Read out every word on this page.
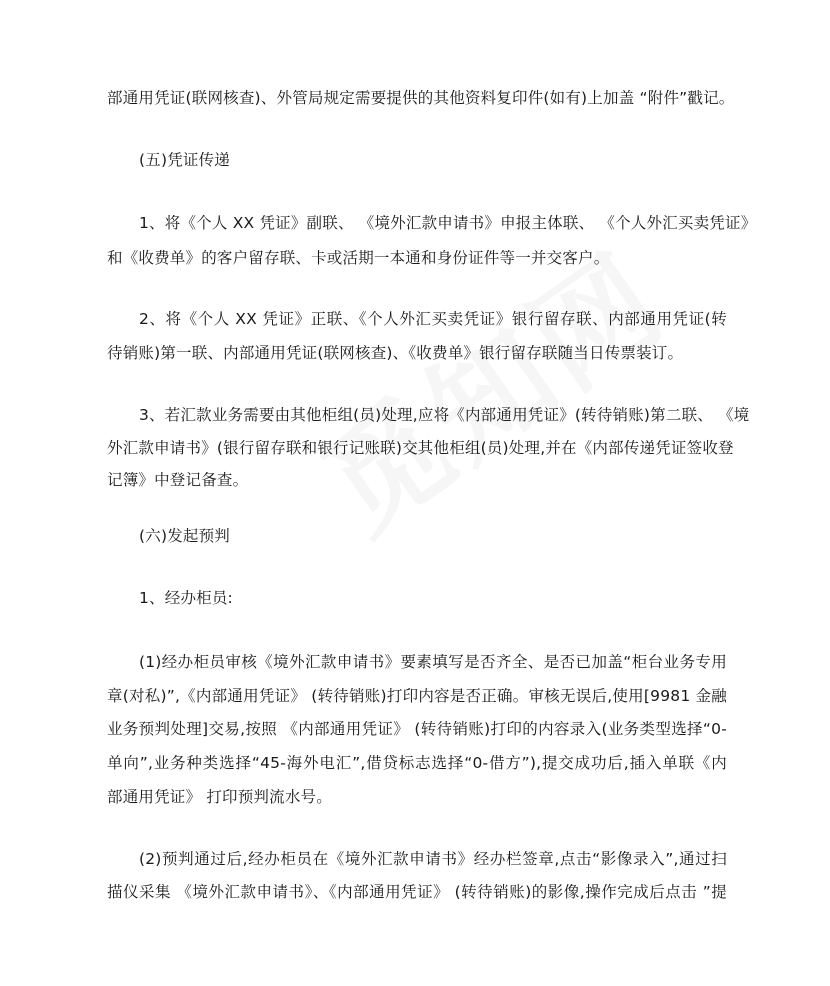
部通用凭证(联网核查)、外管局规定需要提供的其他资料复印件(如有)上加盖 “附件”戳记。
(五)凭证传递
1、将《个人 XX 凭证》副联、 《境外汇款申请书》申报主体联、 《个人外汇买卖凭证》
和《收费单》的客户留存联、卡或活期一本通和身份证件等一并交客户。
2、将《个人 XX 凭证》正联、《个人外汇买卖凭证》银行留存联、内部通用凭证(转
待销账)第一联、内部通用凭证(联网核查)、《收费单》银行留存联随当日传票装订。
3、若汇款业务需要由其他柜组(员)处理,应将《内部通用凭证》(转待销账)第二联、 《境
外汇款申请书》(银行留存联和银行记账联)交其他柜组(员)处理,并在《内部传递凭证签收登
记簿》中登记备查。
(六)发起预判
1、经办柜员:
(1)经办柜员审核《境外汇款申请书》要素填写是否齐全、是否已加盖“柜台业务专用
章(对私)”,《内部通用凭证》 (转待销账)打印内容是否正确。审核无误后,使用[9981 金融
业务预判处理]交易,按照 《内部通用凭证》 (转待销账)打印的内容录入(业务类型选择“0-
单向”,业务种类选择“45-海外电汇”,借贷标志选择“0-借方”),提交成功后,插入单联《内
部通用凭证》 打印预判流水号。
(2)预判通过后,经办柜员在《境外汇款申请书》经办栏签章,点击“影像录入”,通过扫
描仪采集 《境外汇款申请书》、《内部通用凭证》 (转待销账)的影像,操作完成后点击 ”提
